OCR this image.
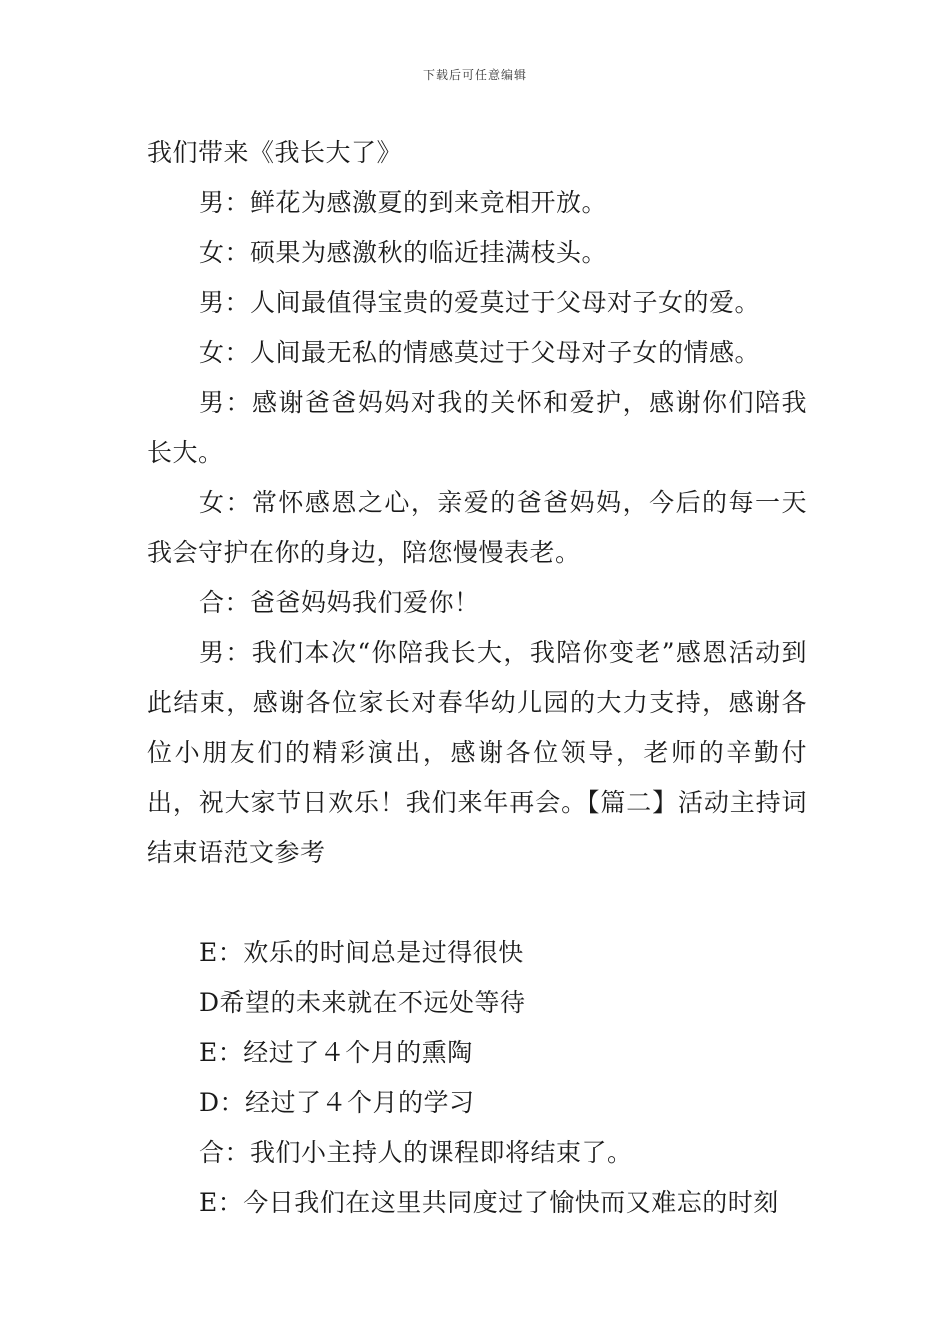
下载后可任意编辑

我们带来《我长大了》

男：鲜花为感激夏的到来竞相开放。

女：硕果为感激秋的临近挂满枝头。

男：人间最值得宝贵的爱莫过于父母对子女的爱。

女：人间最无私的情感莫过于父母对子女的情感。

男：感谢爸爸妈妈对我的关怀和爱护，感谢你们陪我长大。

女：常怀感恩之心，亲爱的爸爸妈妈，今后的每一天我会守护在你的身边，陪您慢慢表老。

合：爸爸妈妈我们爱你！

男：我们本次“你陪我长大，我陪你变老”感恩活动到此结束，感谢各位家长对春华幼儿园的大力支持，感谢各位小朋友们的精彩演出，感谢各位领导，老师的辛勤付出，祝大家节日欢乐！我们来年再会。【篇二】活动主持词结束语范文参考

E：欢乐的时间总是过得很快

D希望的未来就在不远处等待

E：经过了４个月的熏陶

D：经过了４个月的学习

合：我们小主持人的课程即将结束了。

E：今日我们在这里共同度过了愉快而又难忘的时刻
